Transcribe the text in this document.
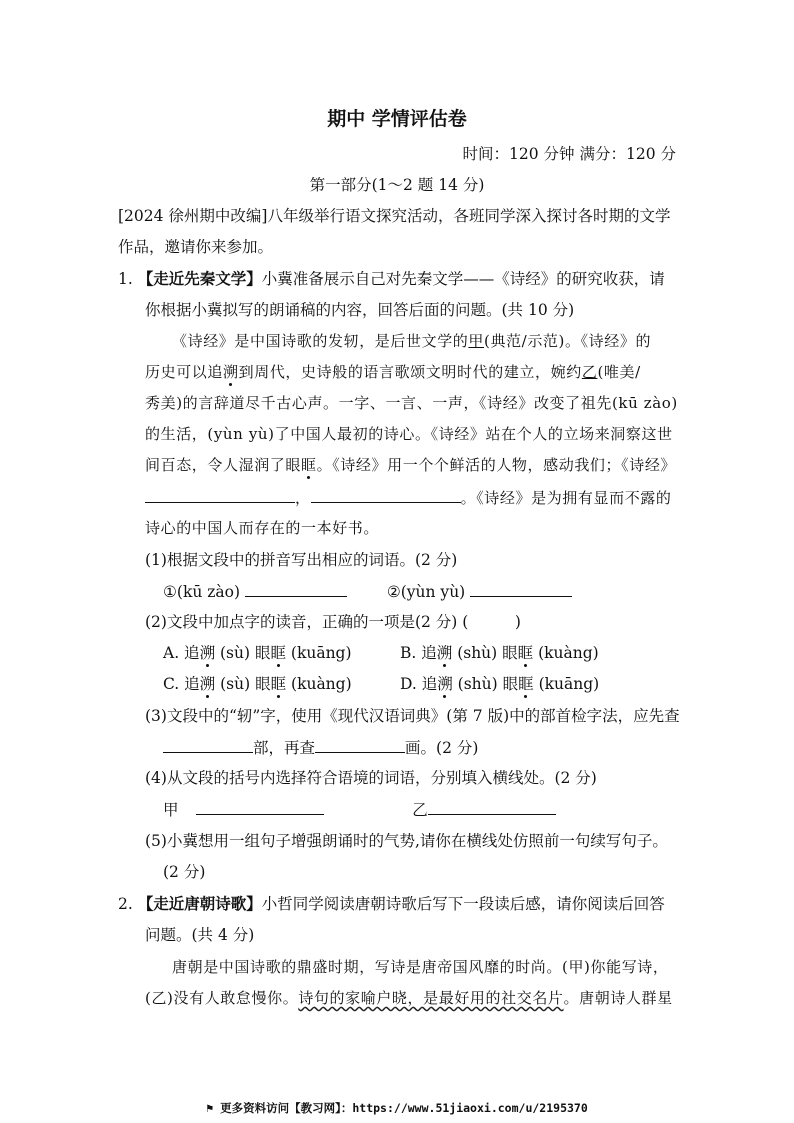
期中 学情评估卷
时间：120 分钟 满分：120 分
第一部分(1～2 题 14 分)
[2024 徐州期中改编]八年级举行语文探究活动，各班同学深入探讨各时期的文学
作品，邀请你来参加。
1. 【走近先秦文学】小冀准备展示自己对先秦文学——《诗经》的研究收获，请
你根据小冀拟写的朗诵稿的内容，回答后面的问题。(共 10 分)
《诗经》是中国诗歌的发轫，是后世文学的甲(典范/示范)。《诗经》的
历史可以追溯到周代，史诗般的语言歌颂文明时代的建立，婉约乙(唯美/
秀美)的言辞道尽千古心声。一字、一言、一声，《诗经》改变了祖先(kū zào)
的生活，(yùn yù)了中国人最初的诗心。《诗经》站在个人的立场来洞察这世
间百态，令人湿润了眼眶。《诗经》用一个个鲜活的人物，感动我们；《诗经》
，	。《诗经》是为拥有显而不露的
诗心的中国人而存在的一本好书。
(1)根据文段中的拼音写出相应的词语。(2 分)
①(kū zào)	②(yùn yù)
(2)文段中加点字的读音，正确的一项是(2 分) (　　　)
A. 追溯 (sù) 眼眶 (kuāng)	B. 追溯 (shù) 眼眶 (kuàng)
C. 追溯 (sù) 眼眶 (kuàng)	D. 追溯 (shù) 眼眶 (kuāng)
(3)文段中的“轫”字，使用《现代汉语词典》(第 7 版)中的部首检字法，应先查
部，再查	画。(2 分)
(4)从文段的括号内选择符合语境的词语，分别填入横线处。(2 分)
甲	乙
(5)小冀想用一组句子增强朗诵时的气势,请你在横线处仿照前一句续写句子。
(2 分)
2. 【走近唐朝诗歌】小哲同学阅读唐朝诗歌后写下一段读后感，请你阅读后回答
问题。(共 4 分)
唐朝是中国诗歌的鼎盛时期，写诗是唐帝国风靡的时尚。(甲)你能写诗，
(乙)没有人敢怠慢你。诗句的家喻户晓，是最好用的社交名片。唐朝诗人群星
⚑ 更多资料访问【教习网】：https://www.51jiaoxi.com/u/2195370
